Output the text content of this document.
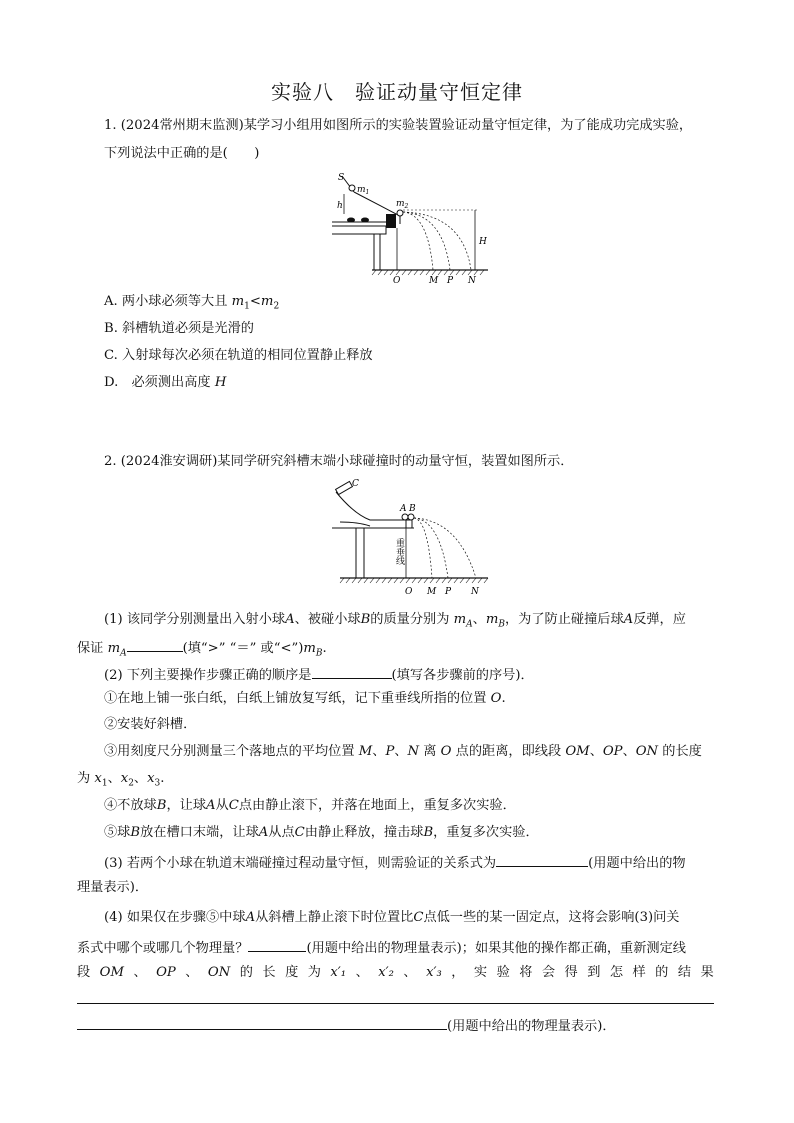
实验八　验证动量守恒定律
1. (2024常州期末监测)某学习小组用如图所示的实验装置验证动量守恒定律，为了能成功完成实验，
下列说法中正确的是(　　)
S
$m_1$
$m_2$
h
H
O	M P N
A. 两小球必须等大且 $m_1<m_2$
B. 斜槽轨道必须是光滑的
C. 入射球每次必须在轨道的相同位置静止释放
D.　必须测出高度 H
2. (2024淮安调研)某同学研究斜槽末端小球碰撞时的动量守恒，装置如图所示．
C
A B
重垂线
O M P N
(1) 该同学分别测量出入射小球A、被碰小球B的质量分别为 $m_A$、$m_B$，为了防止碰撞后球A反弹，应
保证 $m_A$	(填“>” “＝” 或“$<”)m_B$.
(2) 下列主要操作步骤正确的顺序是	(填写各步骤前的序号)．
①在地上铺一张白纸，白纸上铺放复写纸，记下重垂线所指的位置 O.
②安装好斜槽．
③用刻度尺分别测量三个落地点的平均位置 M、P、N 离 O 点的距离，即线段 OM、OP、ON 的长度
为 $x_1$、$x_2$、$x_3$.
④不放球B，让球A从C点由静止滚下，并落在地面上，重复多次实验．
⑤球B放在槽口末端，让球A从点C由静止释放，撞击球B，重复多次实验．
(3) 若两个小球在轨道末端碰撞过程动量守恒，则需验证的关系式为	(用题中给出的物
理量表示)．
(4) 如果仅在步骤⑤中球A从斜槽上静止滚下时位置比C点低一些的某一固定点，这将会影响(3)问关
系式中哪个或哪几个物理量？	(用题中给出的物理量表示)；如果其他的操作都正确，重新测定线
段 OM 、 OP 、 ON 的 长 度 为 x′₁ 、 x′₂ 、 x′₃ ， 实 验 将 会 得 到 怎 样 的 结 果
(用题中给出的物理量表示)．
